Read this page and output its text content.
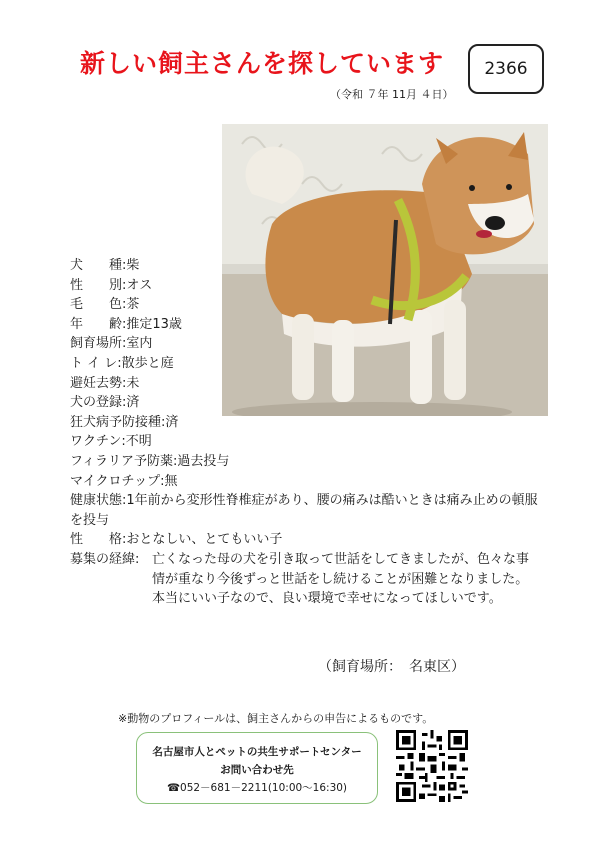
新しい飼主さんを探しています
（令和 ７年 11月 ４日）
2366
犬　　種: 柴
性　　別: オス
毛　　色: 茶
年　　齢: 推定13歳
飼育場所: 室内
ト イ レ: 散歩と庭
避妊去勢: 未
犬の登録: 済
狂犬病予防接種: 済
ワクチン: 不明
フィラリア予防薬: 過去投与
マイクロチップ: 無
健康状態:1年前から変形性脊椎症があり、腰の痛みは酷いときは痛み止めの頓服を投与
性　　格: おとなしい、とてもいい子
募集の経緯: 亡くなった母の犬を引き取って世話をしてきましたが、色々な事情が重なり今後ずっと世話をし続けることが困難となりました。本当にいい子なので、良い環境で幸せになってほしいです。
（飼育場所：　 名東区）
※動物のプロフィールは、飼主さんからの申告によるものです。
名古屋市人とペットの共生サポートセンター
お問い合わせ先
☎052－681－2211(10:00～16:30)
